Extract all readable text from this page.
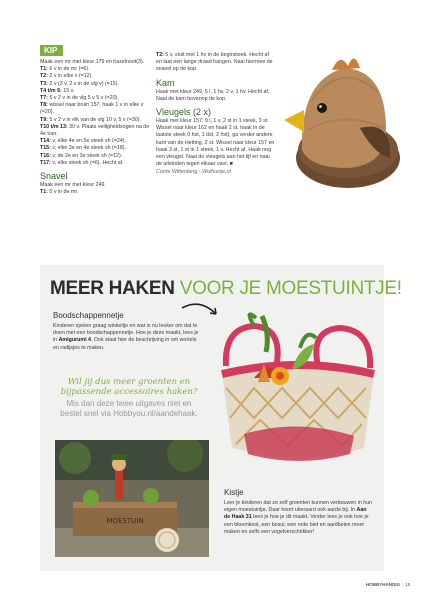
KIP
Maak een mr met kleur 179 en hazelnoot(3).
T1: 6 v in de mr (=6).
T2: 2 v in elke v (=12).
T3: 2 v (3 v, 2 v in de vlg v) (=15).
T4 t/m 6: 15 v.
T7: 5 v 2 v in de vlg 5 v 5 v (=20).
T8: wissel naar bruin 157, haak 1 v in elke v (=20).
T9: 5 v 2 v in elk van de vlg 10 v, 5 v (=30).
T10 t/m 13: 30 v. Plaats veiligheidsogen na de 4e toer.
T14: v, elke 4e en 5e steek sh (=24).
T15: v, elke 3e en 4e steek sh (=18).
T16: v, de 2e en 3e steek sh (=12).
T17: v, elke steek sh (=6). Hecht af.
Snavel
Maak een mr met kleur 249.
T1: 5 v in de mr.
T2: 5 v, sluit met 1 hv in de beginsteek. Hecht af en laat een lange draad hangen. Naai hiermee de snavel op de kop.
Kam
Haak met kleur 249, 5 l, 1 hv, 2 v, 1 hv. Hecht af. Naai de kam bovenop de kop.
Vleugels (2 x)
Haak met kleur 157: 9 l, 1 v, 2 st in 1 steek, 3 st. Wissel naar kleur 162 en haak 2 st, haak in de laatste steek 0 hst, 1 dst, 2 hst), ga verder andere kant van de Hetting, 2 st. Wissel naar kleur 157 en haak 3 st, 1 st in 1 steek, 1 v. Hecht af. Haak nog een vleugel. Naai de vleugels aan het lijf en naai de uiteinden tegen elkaar vast. ■
Corrie Wittenberg - Wolhuisje.nl
MEER HAKEN VOOR JE MOESTUINTJE!
Boodschappennetje
Kinderen spelen graag winkeltje en wat is nu leuker om dat te doen met een boodschappennetje. Hoe je deze maakt, lees je in Amigurumi 4. Ook staat hier de beschrijving in om wortels en radijsjes te maken.
Wil jij dus meer groenten en
bijpassende accessoires haken?
Mis dan deze twee uitgaves niet en
bestel snel via Hobbyou.nl/aandehaak.
MOESTUIN
Kistje
Leer je kinderen dat ze zelf groenten kunnen verbouwen in hun eigen moestuintje. Daar hoort uiteraard ook aarde bij. In Aan de Haak 31 lees je hoe je dit maakt. Verder lees je ook hoe je een bloemkool, een bosui, een rode biet en aardbeien moet maken en zelfs een vogelverschrikker!
HOBBYHANDIG 15
